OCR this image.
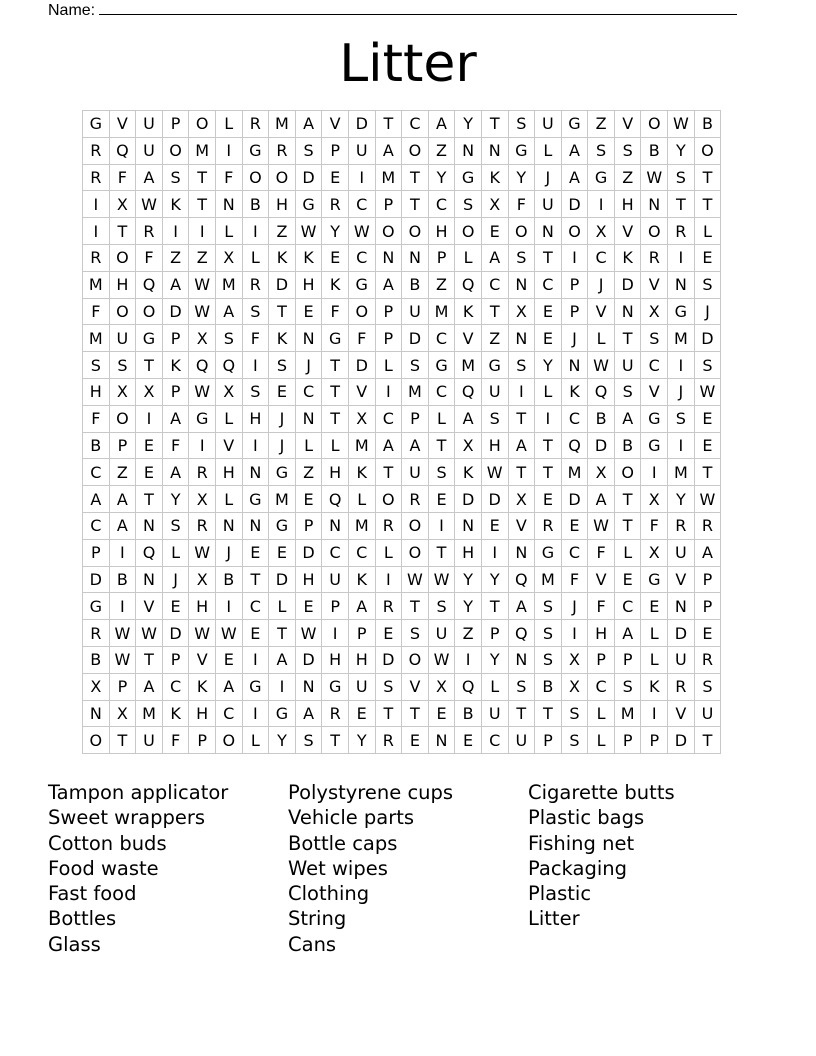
Name:
Litter
G	V	U	P	O	L	R	M	A	V	D	T	C	A	Y	T	S	U	G	Z	V	O	W	B
R	Q	U	O	M	I	G	R	S	P	U	A	O	Z	N	N	G	L	A	S	S	B	Y	O
R	F	A	S	T	F	O	O	D	E	I	M	T	Y	G	K	Y	J	A	G	Z	W	S	T
I	X	W	K	T	N	B	H	G	R	C	P	T	C	S	X	F	U	D	I	H	N	T	T
I	T	R	I	I	L	I	Z	W	Y	W	O	O	H	O	E	O	N	O	X	V	O	R	L
R	O	F	Z	Z	X	L	K	K	E	C	N	N	P	L	A	S	T	I	C	K	R	I	E
M	H	Q	A	W	M	R	D	H	K	G	A	B	Z	Q	C	N	C	P	J	D	V	N	S
F	O	O	D	W	A	S	T	E	F	O	P	U	M	K	T	X	E	P	V	N	X	G	J
M	U	G	P	X	S	F	K	N	G	F	P	D	C	V	Z	N	E	J	L	T	S	M	D
S	S	T	K	Q	Q	I	S	J	T	D	L	S	G	M	G	S	Y	N	W	U	C	I	S
H	X	X	P	W	X	S	E	C	T	V	I	M	C	Q	U	I	L	K	Q	S	V	J	W
F	O	I	A	G	L	H	J	N	T	X	C	P	L	A	S	T	I	C	B	A	G	S	E
B	P	E	F	I	V	I	J	L	L	M	A	A	T	X	H	A	T	Q	D	B	G	I	E
C	Z	E	A	R	H	N	G	Z	H	K	T	U	S	K	W	T	T	M	X	O	I	M	T
A	A	T	Y	X	L	G	M	E	Q	L	O	R	E	D	D	X	E	D	A	T	X	Y	W
C	A	N	S	R	N	N	G	P	N	M	R	O	I	N	E	V	R	E	W	T	F	R	R
P	I	Q	L	W	J	E	E	D	C	C	L	O	T	H	I	N	G	C	F	L	X	U	A
D	B	N	J	X	B	T	D	H	U	K	I	W	W	Y	Y	Q	M	F	V	E	G	V	P
G	I	V	E	H	I	C	L	E	P	A	R	T	S	Y	T	A	S	J	F	C	E	N	P
R	W	W	D	W	W	E	T	W	I	P	E	S	U	Z	P	Q	S	I	H	A	L	D	E
B	W	T	P	V	E	I	A	D	H	H	D	O	W	I	Y	N	S	X	P	P	L	U	R
X	P	A	C	K	A	G	I	N	G	U	S	V	X	Q	L	S	B	X	C	S	K	R	S
N	X	M	K	H	C	I	G	A	R	E	T	T	E	B	U	T	T	S	L	M	I	V	U
O	T	U	F	P	O	L	Y	S	T	Y	R	E	N	E	C	U	P	S	L	P	P	D	T
Tampon applicator
Sweet wrappers
Cotton buds
Food waste
Fast food
Bottles
Glass
Polystyrene cups
Vehicle parts
Bottle caps
Wet wipes
Clothing
String
Cans
Cigarette butts
Plastic bags
Fishing net
Packaging
Plastic
Litter
